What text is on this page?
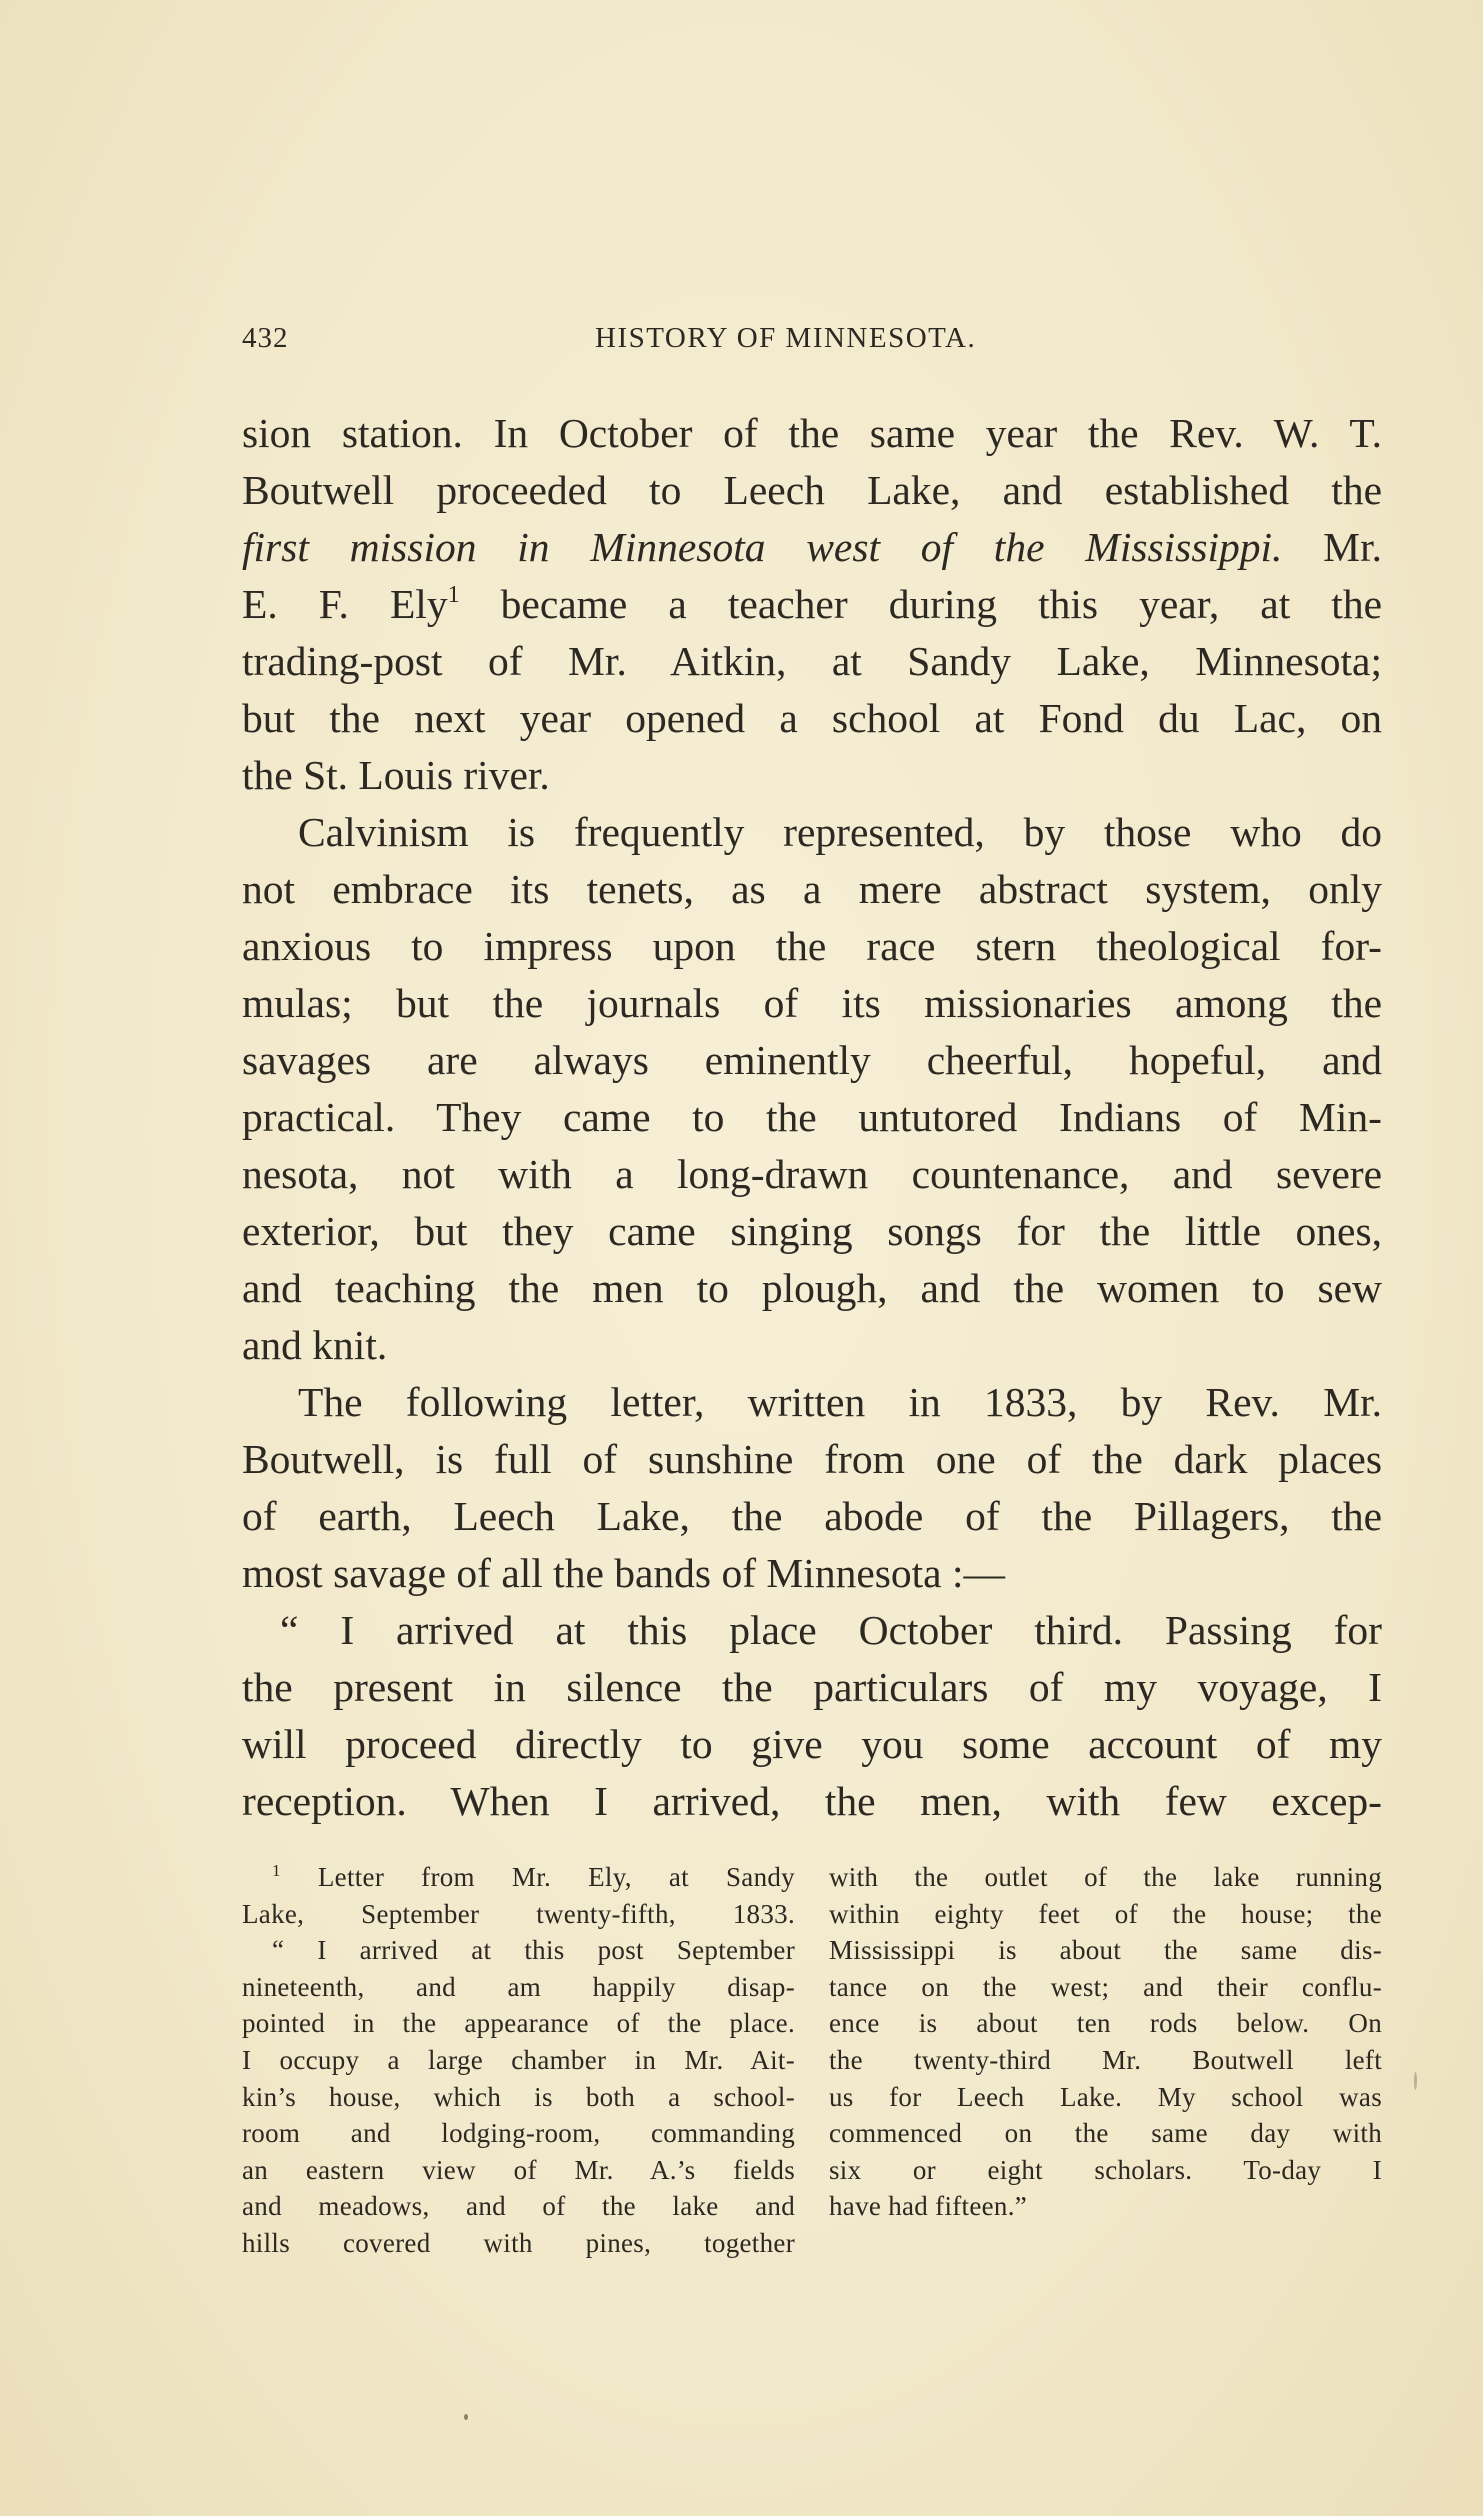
432	HISTORY OF MINNESOTA.
sion station. In October of the same year the Rev. W. T.
Boutwell proceeded to Leech Lake, and established the
first mission in Minnesota west of the Mississippi. Mr.
E. F. Ely$^1$ became a teacher during this year, at the
trading-post of Mr. Aitkin, at Sandy Lake, Minnesota;
but the next year opened a school at Fond du Lac, on
the St. Louis river.
Calvinism is frequently represented, by those who do
not embrace its tenets, as a mere abstract system, only
anxious to impress upon the race stern theological for-
mulas; but the journals of its missionaries among the
savages are always eminently cheerful, hopeful, and
practical. They came to the untutored Indians of Min-
nesota, not with a long-drawn countenance, and severe
exterior, but they came singing songs for the little ones,
and teaching the men to plough, and the women to sew
and knit.
The following letter, written in 1833, by Rev. Mr.
Boutwell, is full of sunshine from one of the dark places
of earth, Leech Lake, the abode of the Pillagers, the
most savage of all the bands of Minnesota :—
“ I arrived at this place October third. Passing for
the present in silence the particulars of my voyage, I
will proceed directly to give you some account of my
reception. When I arrived, the men, with few excep-
$^1$ Letter from Mr. Ely, at Sandy
Lake, September twenty-fifth, 1833.
“ I arrived at this post September
nineteenth, and am happily disap-
pointed in the appearance of the place.
I occupy a large chamber in Mr. Ait-
kin’s house, which is both a school-
room and lodging-room, commanding
an eastern view of Mr. A.’s fields
and meadows, and of the lake and
hills covered with pines, together
with the outlet of the lake running
within eighty feet of the house; the
Mississippi is about the same dis-
tance on the west; and their conflu-
ence is about ten rods below. On
the twenty-third Mr. Boutwell left
us for Leech Lake. My school was
commenced on the same day with
six or eight scholars. To-day I
have had fifteen.”
